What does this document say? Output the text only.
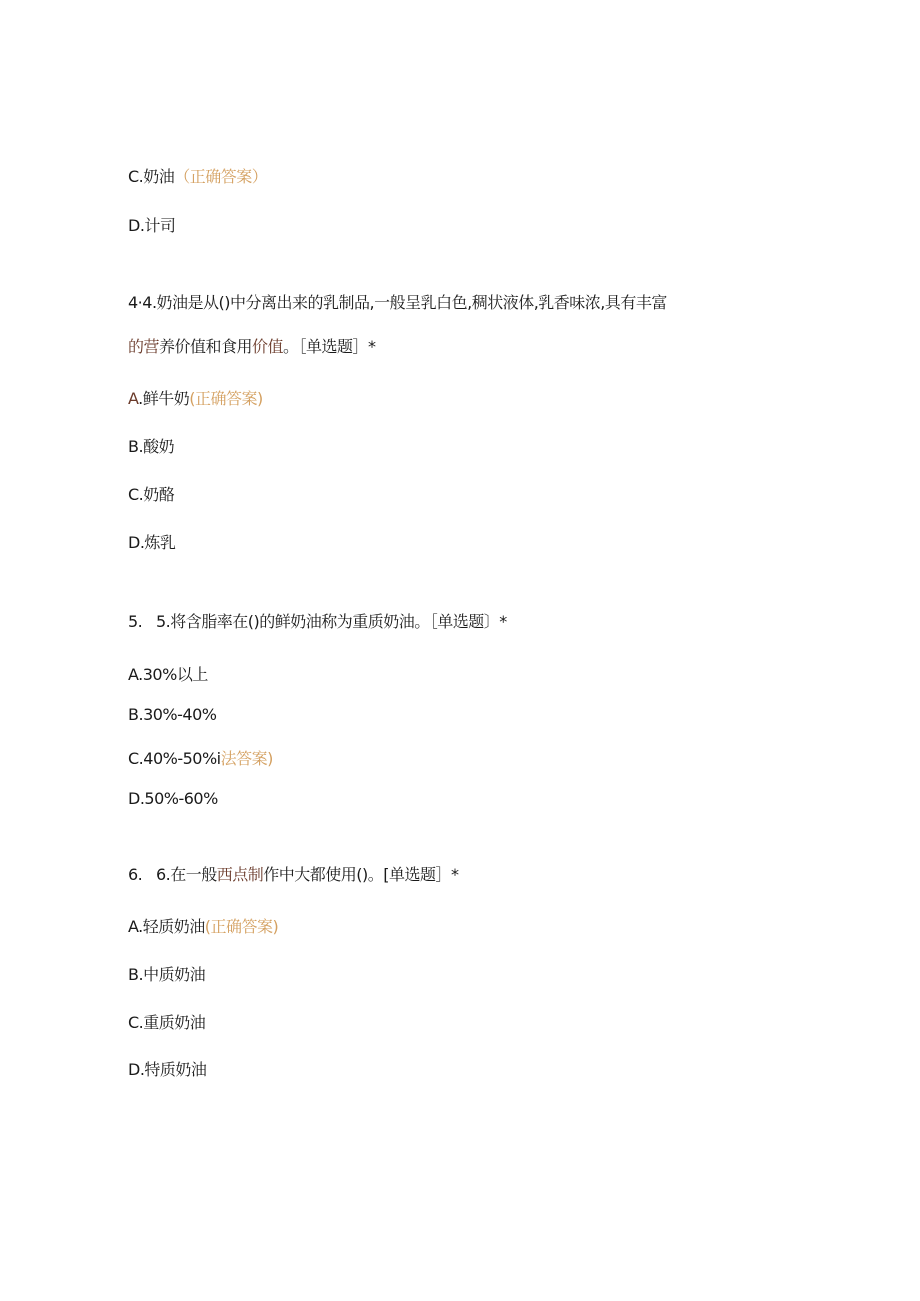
C.奶油（正确答案）
D.计司
4·4.奶油是从()中分离出来的乳制品,一般呈乳白色,稠状液体,乳香味浓,具有丰富
的营养价值和食用价值。［单选题］*
A.鲜牛奶(正确答案)
B.酸奶
C.奶酪
D.炼乳
5. 5.将含脂率在()的鲜奶油称为重质奶油。［单选题〕*
A.30%以上
B.30%-40%
C.40%-50%i法答案)
D.50%-60%
6. 6.在一般西点制作中大都使用()。[单选题］*
A.轻质奶油(正确答案)
B.中质奶油
C.重质奶油
D.特质奶油
